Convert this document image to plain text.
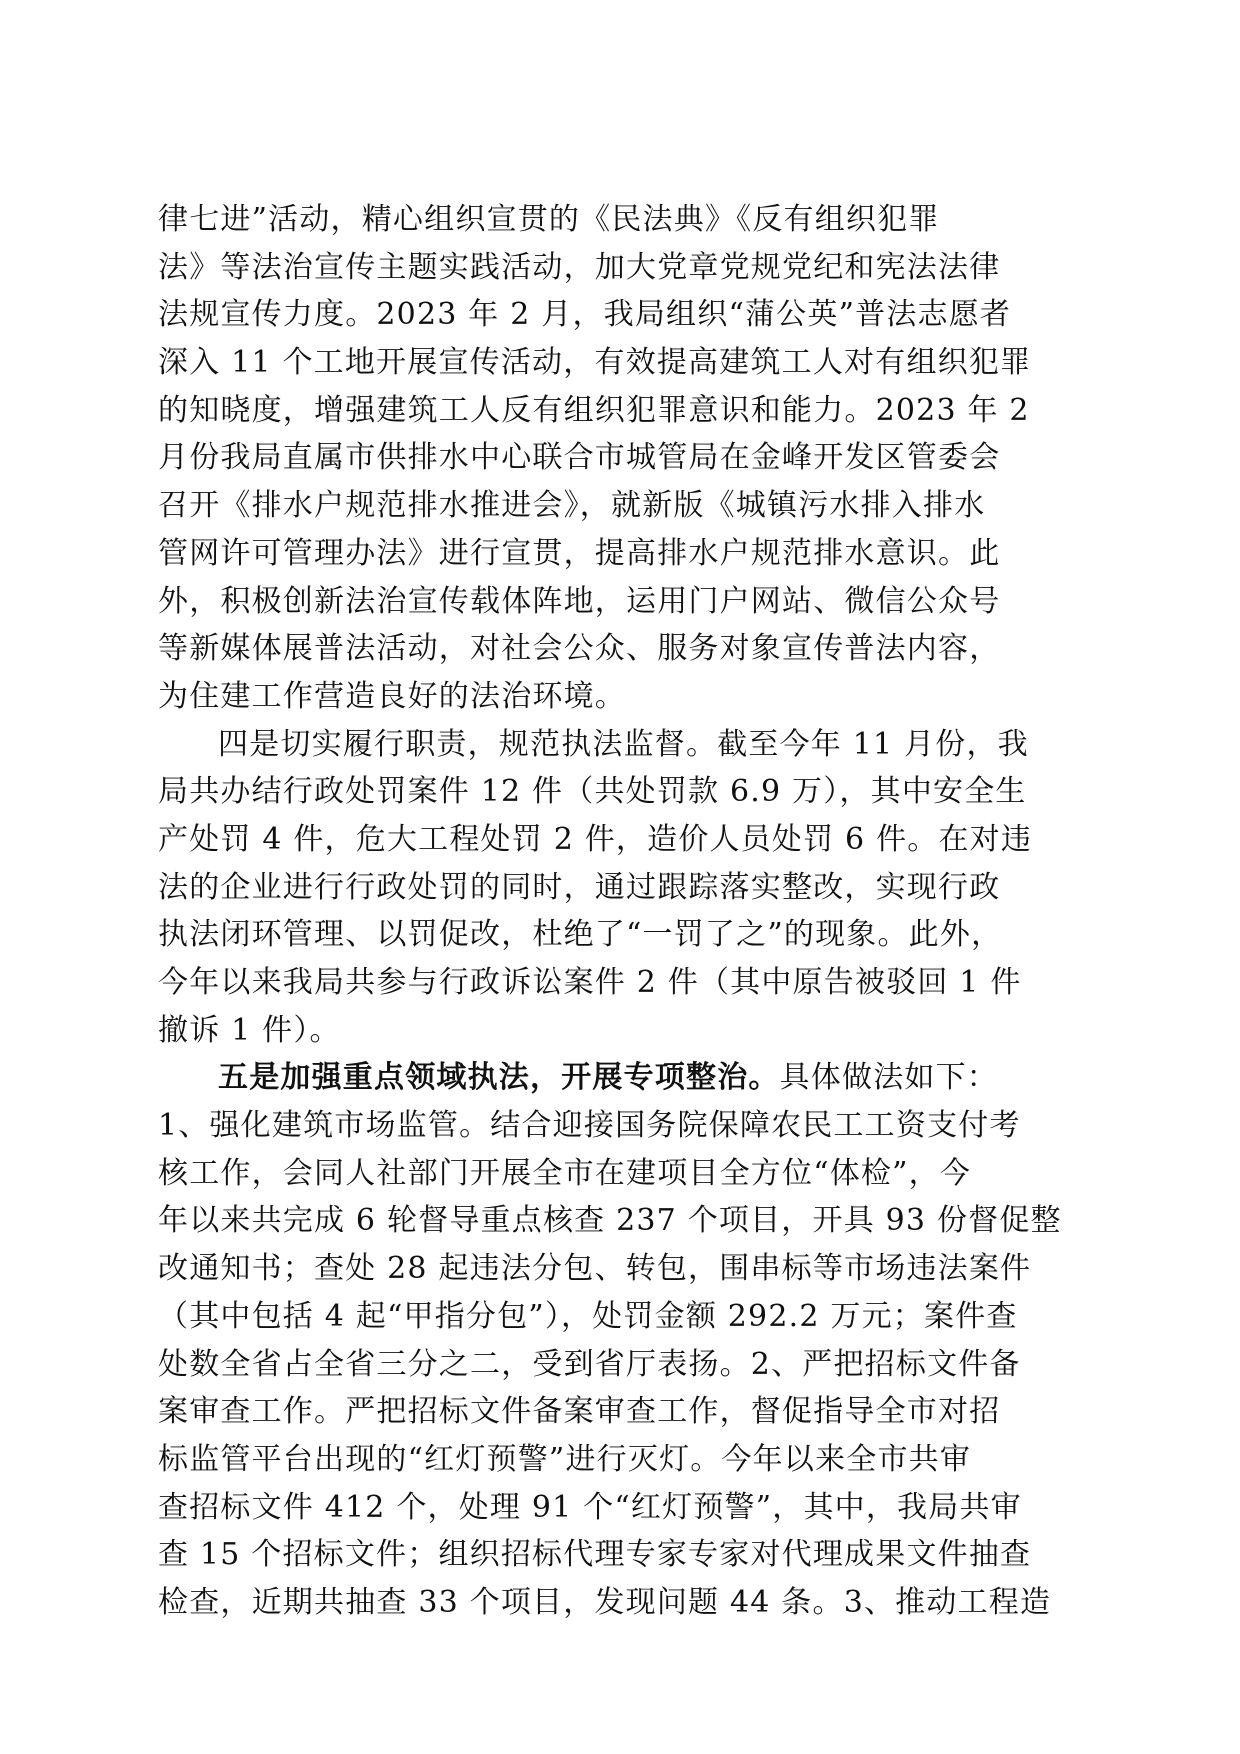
律七进”活动，精心组织宣贯的《民法典》《反有组织犯罪
法》等法治宣传主题实践活动，加大党章党规党纪和宪法法律
法规宣传力度。2023 年 2 月，我局组织“蒲公英”普法志愿者
深入 11 个工地开展宣传活动，有效提高建筑工人对有组织犯罪
的知晓度，增强建筑工人反有组织犯罪意识和能力。2023 年 2
月份我局直属市供排水中心联合市城管局在金峰开发区管委会
召开《排水户规范排水推进会》，就新版《城镇污水排入排水
管网许可管理办法》进行宣贯，提高排水户规范排水意识。此
外，积极创新法治宣传载体阵地，运用门户网站、微信公众号
等新媒体展普法活动，对社会公众、服务对象宣传普法内容，
为住建工作营造良好的法治环境。
四是切实履行职责，规范执法监督。截至今年 11 月份，我
局共办结行政处罚案件 12 件（共处罚款 6.9 万），其中安全生
产处罚 4 件，危大工程处罚 2 件，造价人员处罚 6 件。在对违
法的企业进行行政处罚的同时，通过跟踪落实整改，实现行政
执法闭环管理、以罚促改，杜绝了“一罚了之”的现象。此外，
今年以来我局共参与行政诉讼案件 2 件（其中原告被驳回 1 件
撤诉 1 件）。
五是加强重点领域执法，开展专项整治。具体做法如下：
1、强化建筑市场监管。结合迎接国务院保障农民工工资支付考
核工作，会同人社部门开展全市在建项目全方位“体检”，今
年以来共完成 6 轮督导重点核查 237 个项目，开具 93 份督促整
改通知书；查处 28 起违法分包、转包，围串标等市场违法案件
（其中包括 4 起“甲指分包”），处罚金额 292.2 万元；案件查
处数全省占全省三分之二，受到省厅表扬。2、严把招标文件备
案审查工作。严把招标文件备案审查工作，督促指导全市对招
标监管平台出现的“红灯预警”进行灭灯。今年以来全市共审
查招标文件 412 个，处理 91 个“红灯预警”，其中，我局共审
查 15 个招标文件；组织招标代理专家专家对代理成果文件抽查
检查，近期共抽查 33 个项目，发现问题 44 条。3、推动工程造
